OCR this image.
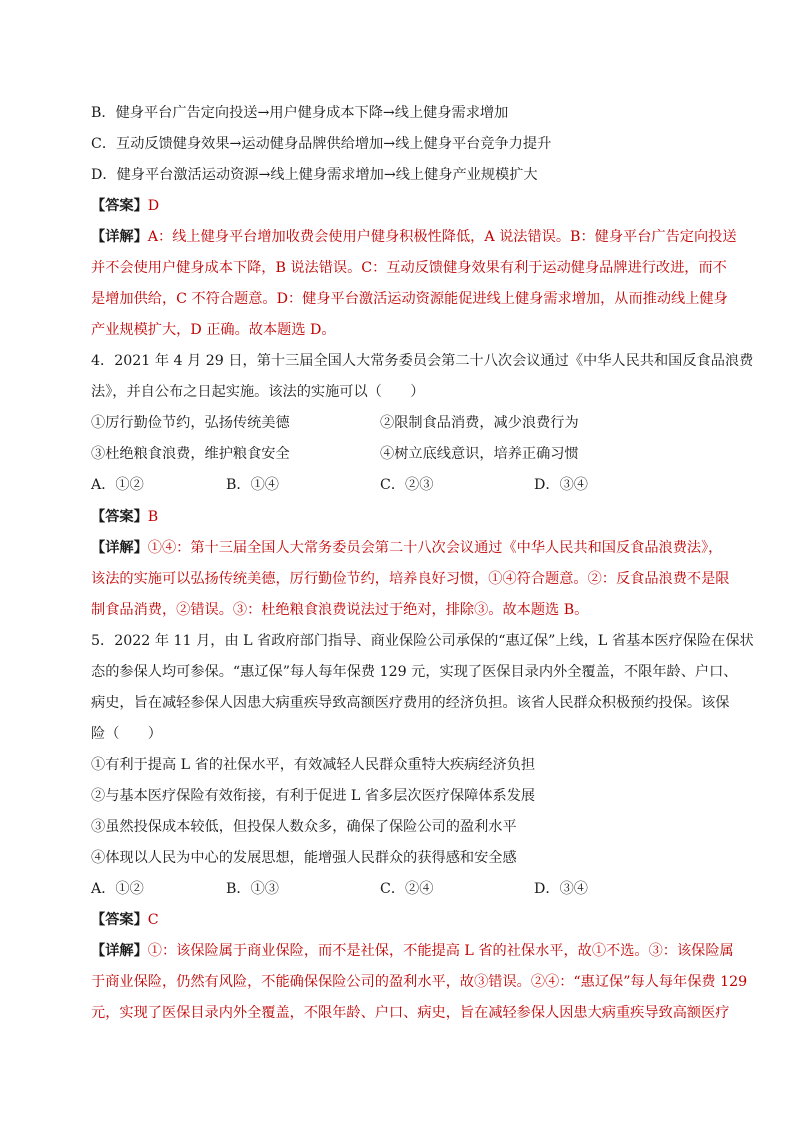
B．健身平台广告定向投送→用户健身成本下降→线上健身需求增加
C．互动反馈健身效果→运动健身品牌供给增加→线上健身平台竞争力提升
D．健身平台激活运动资源→线上健身需求增加→线上健身产业规模扩大
【答案】D
【详解】A：线上健身平台增加收费会使用户健身积极性降低，A 说法错误。B：健身平台广告定向投送
并不会使用户健身成本下降，B 说法错误。C：互动反馈健身效果有利于运动健身品牌进行改进，而不
是增加供给，C 不符合题意。D：健身平台激活运动资源能促进线上健身需求增加，从而推动线上健身
产业规模扩大，D 正确。故本题选 D。
4．2021 年 4 月 29 日，第十三届全国人大常务委员会第二十八次会议通过《中华人民共和国反食品浪费
法》，并自公布之日起实施。该法的实施可以（　　）
①厉行勤俭节约，弘扬传统美德	②限制食品消费，减少浪费行为
③杜绝粮食浪费，维护粮食安全	④树立底线意识，培养正确习惯
A．①②	B．①④	C．②③	D．③④
【答案】B
【详解】①④：第十三届全国人大常务委员会第二十八次会议通过《中华人民共和国反食品浪费法》，
该法的实施可以弘扬传统美德，厉行勤俭节约，培养良好习惯，①④符合题意。②：反食品浪费不是限
制食品消费，②错误。③：杜绝粮食浪费说法过于绝对，排除③。故本题选 B。
5．2022 年 11 月，由 L 省政府部门指导、商业保险公司承保的“惠辽保”上线，L 省基本医疗保险在保状
态的参保人均可参保。“惠辽保”每人每年保费 129 元，实现了医保目录内外全覆盖，不限年龄、户口、
病史，旨在减轻参保人因患大病重疾导致高额医疗费用的经济负担。该省人民群众积极预约投保。该保
险（　　）
①有利于提高 L 省的社保水平，有效减轻人民群众重特大疾病经济负担
②与基本医疗保险有效衔接，有利于促进 L 省多层次医疗保障体系发展
③虽然投保成本较低，但投保人数众多，确保了保险公司的盈利水平
④体现以人民为中心的发展思想，能增强人民群众的获得感和安全感
A．①②	B．①③	C．②④	D．③④
【答案】C
【详解】①：该保险属于商业保险，而不是社保，不能提高 L 省的社保水平，故①不选。③：该保险属
于商业保险，仍然有风险，不能确保保险公司的盈利水平，故③错误。②④：“惠辽保”每人每年保费 129
元，实现了医保目录内外全覆盖，不限年龄、户口、病史，旨在减轻参保人因患大病重疾导致高额医疗
